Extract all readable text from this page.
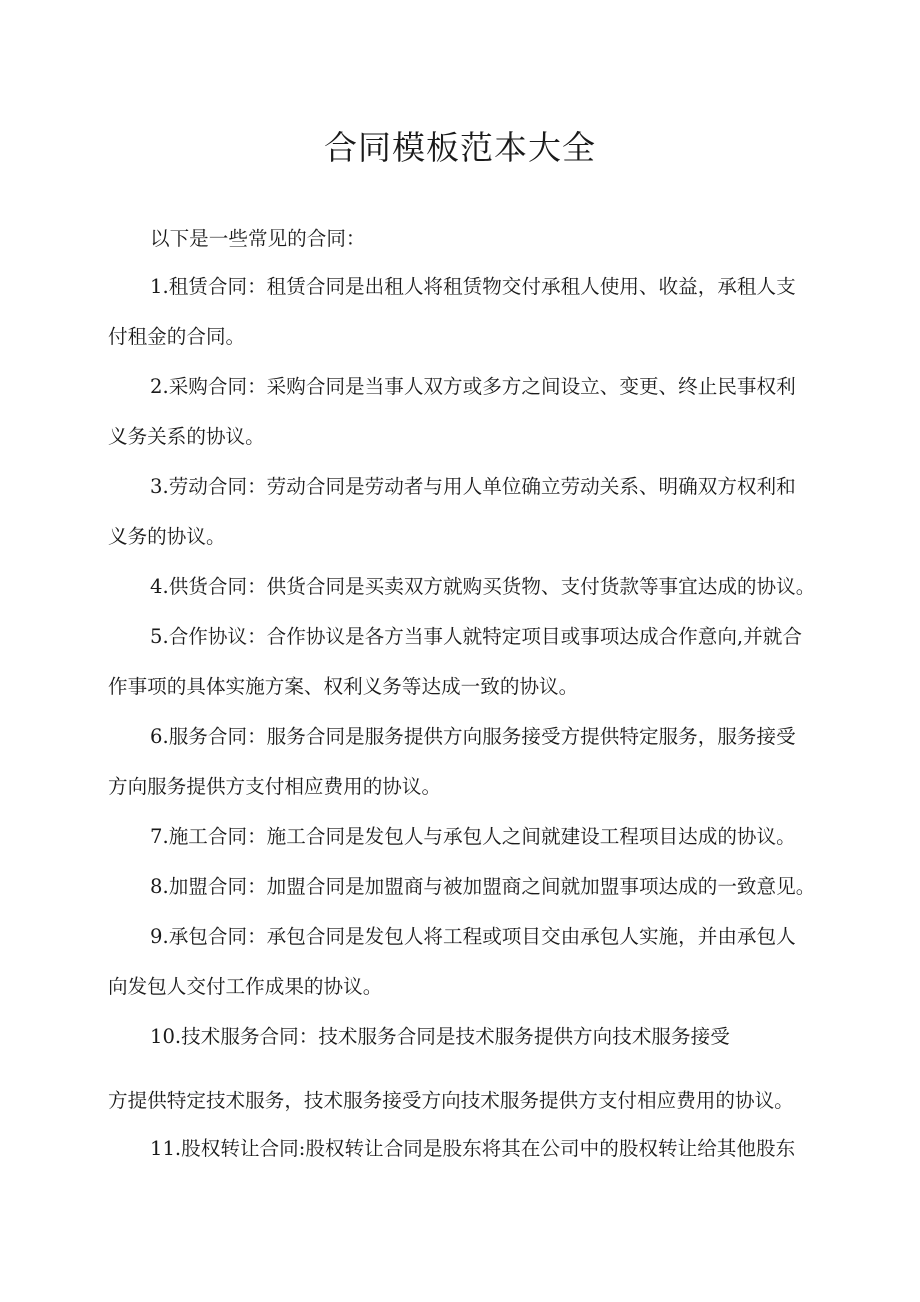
合同模板范本大全
以下是一些常见的合同：
1.租赁合同：租赁合同是出租人将租赁物交付承租人使用、收益，承租人支
付租金的合同。
2.采购合同：采购合同是当事人双方或多方之间设立、变更、终止民事权利
义务关系的协议。
3.劳动合同：劳动合同是劳动者与用人单位确立劳动关系、明确双方权利和
义务的协议。
4.供货合同：供货合同是买卖双方就购买货物、支付货款等事宜达成的协议。
5.合作协议：合作协议是各方当事人就特定项目或事项达成合作意向,并就合
作事项的具体实施方案、权利义务等达成一致的协议。
6.服务合同：服务合同是服务提供方向服务接受方提供特定服务，服务接受
方向服务提供方支付相应费用的协议。
7.施工合同：施工合同是发包人与承包人之间就建设工程项目达成的协议。
8.加盟合同：加盟合同是加盟商与被加盟商之间就加盟事项达成的一致意见。
9.承包合同：承包合同是发包人将工程或项目交由承包人实施，并由承包人
向发包人交付工作成果的协议。
10.技术服务合同：技术服务合同是技术服务提供方向技术服务接受
方提供特定技术服务，技术服务接受方向技术服务提供方支付相应费用的协议。
11.股权转让合同:股权转让合同是股东将其在公司中的股权转让给其他股东
